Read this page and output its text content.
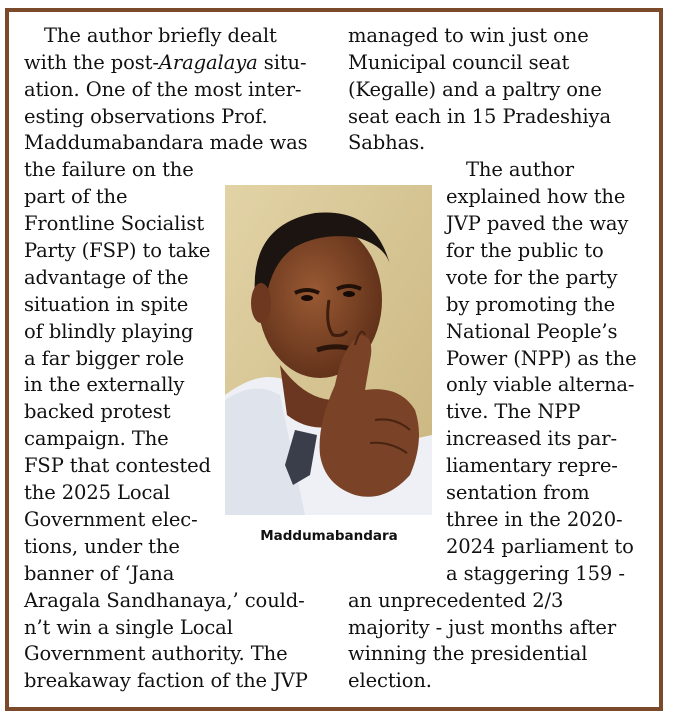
The author briefly dealt
with the post-Aragalaya situ-
ation. One of the most inter-
esting observations Prof.
Maddumabandara made was
the failure on the
part of the
Frontline Socialist
Party (FSP) to take
advantage of the
situation in spite
of blindly playing
a far bigger role
in the externally
backed protest
campaign. The
FSP that contested
the 2025 Local
Government elec-
tions, under the
banner of ‘Jana
Aragala Sandhanaya,’ could-
n’t win a single Local
Government authority. The
breakaway faction of the JVP
managed to win just one
Municipal council seat
(Kegalle) and a paltry one
seat each in 15 Pradeshiya
Sabhas.
The author
explained how the
JVP paved the way
for the public to
vote for the party
by promoting the
National People’s
Power (NPP) as the
only viable alterna-
tive. The NPP
increased its par-
liamentary repre-
sentation from
three in the 2020-
2024 parliament to
a staggering 159 -
an unprecedented 2/3
majority - just months after
winning the presidential
election.
Maddumabandara
